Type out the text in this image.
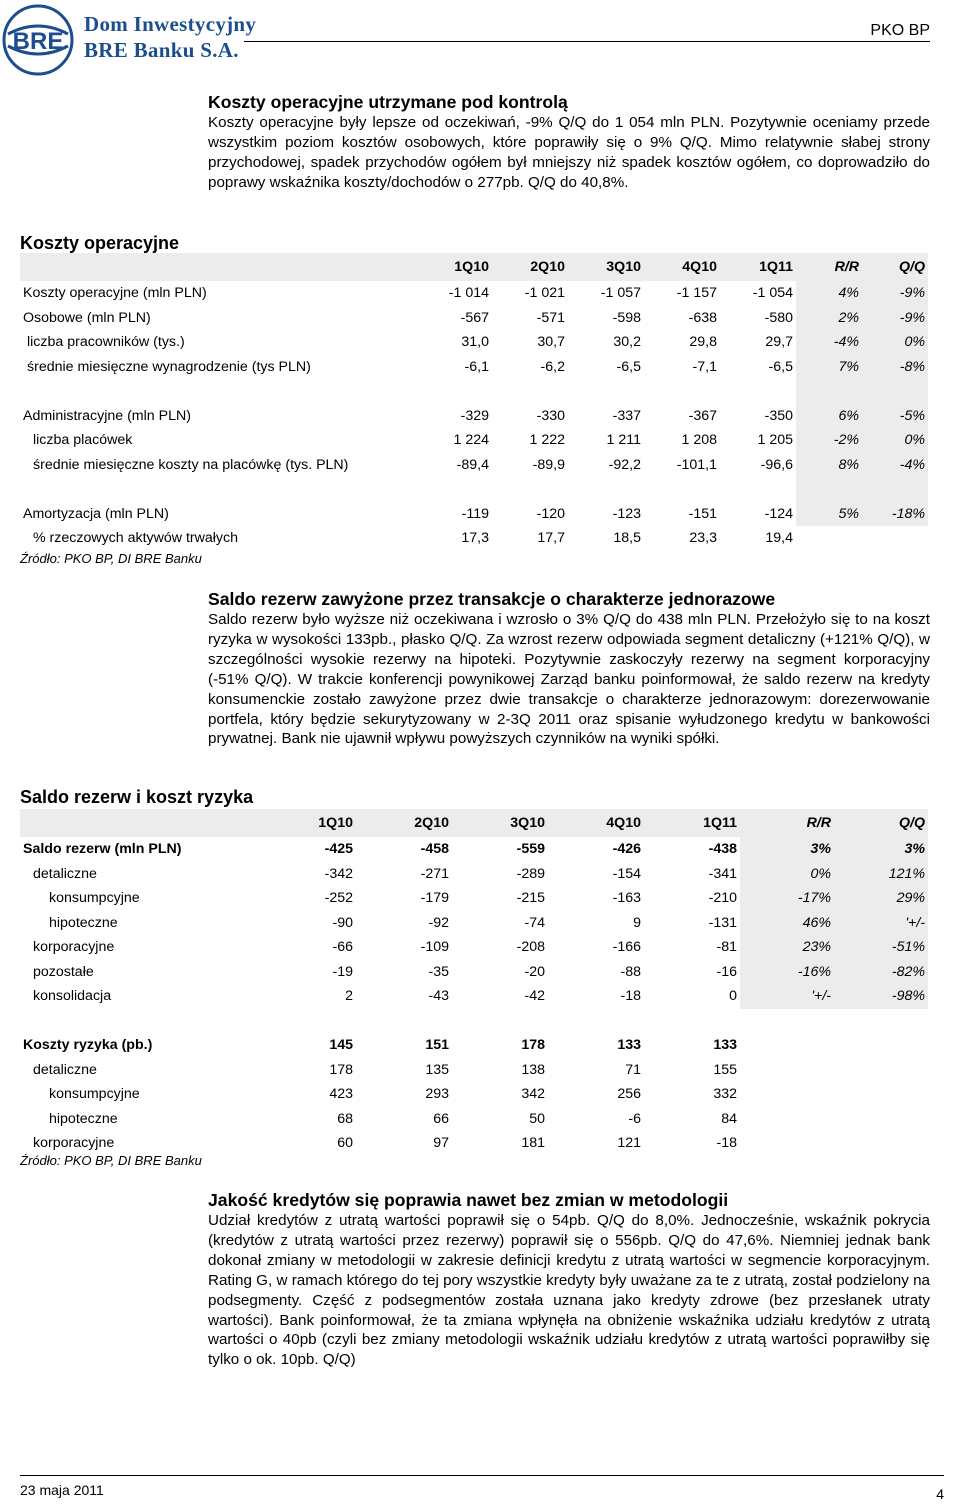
BRE
Dom Inwestycyjny
BRE Banku S.A.
PKO BP
Koszty operacyjne utrzymane pod kontrolą

Koszty operacyjne były lepsze od oczekiwań, -9% Q/Q do 1 054 mln PLN. Pozytywnie oceniamy przede wszystkim poziom kosztów osobowych, które poprawiły się o 9% Q/Q. Mimo relatywnie słabej strony przychodowej, spadek przychodów ogółem był mniejszy niż spadek kosztów ogółem, co doprowadziło do poprawy wskaźnika koszty/dochodów o 277pb. Q/Q do 40,8%.

Koszty operacyjne
	1Q10	2Q10	3Q10	4Q10	1Q11	R/R	Q/Q
Koszty operacyjne (mln PLN)	-1 014	-1 021	-1 057	-1 157	-1 054	4%	-9%
Osobowe (mln PLN)	-567	-571	-598	-638	-580	2%	-9%
liczba pracowników (tys.)	31,0	30,7	30,2	29,8	29,7	-4%	0%
średnie miesięczne wynagrodzenie (tys PLN)	-6,1	-6,2	-6,5	-7,1	-6,5	7%	-8%

Administracyjne (mln PLN)	-329	-330	-337	-367	-350	6%	-5%
liczba placówek	1 224	1 222	1 211	1 208	1 205	-2%	0%
średnie miesięczne koszty na placówkę (tys. PLN)	-89,4	-89,9	-92,2	-101,1	-96,6	8%	-4%

Amortyzacja (mln PLN)	-119	-120	-123	-151	-124	5%	-18%
% rzeczowych aktywów trwałych	17,3	17,7	18,5	23,3	19,4		
Źródło: PKO BP, DI BRE Banku
Saldo rezerw zawyżone przez transakcje o charakterze jednorazowe

Saldo rezerw było wyższe niż oczekiwana i wzrosło o 3% Q/Q do 438 mln PLN. Przełożyło się to na koszt ryzyka w wysokości 133pb., płasko Q/Q. Za wzrost rezerw odpowiada segment detaliczny (+121% Q/Q), w szczególności wysokie rezerwy na hipoteki. Pozytywnie zaskoczyły rezerwy na segment korporacyjny (-51% Q/Q). W trakcie konferencji powynikowej Zarząd banku poinformował, że saldo rezerw na kredyty konsumenckie zostało zawyżone przez dwie transakcje o charakterze jednorazowym: dorezerwowanie portfela, który będzie sekurytyzowany w 2-3Q 2011 oraz spisanie wyłudzonego kredytu w bankowości prywatnej. Bank nie ujawnił wpływu powyższych czynników na wyniki spółki.

Saldo rezerw i koszt ryzyka
	1Q10	2Q10	3Q10	4Q10	1Q11	R/R	Q/Q
Saldo rezerw (mln PLN)	-425	-458	-559	-426	-438	3%	3%
detaliczne	-342	-271	-289	-154	-341	0%	121%
konsumpcyjne	-252	-179	-215	-163	-210	-17%	29%
hipoteczne	-90	-92	-74	9	-131	46%	'+/-
korporacyjne	-66	-109	-208	-166	-81	23%	-51%
pozostałe	-19	-35	-20	-88	-16	-16%	-82%
konsolidacja	2	-43	-42	-18	0	'+/-	-98%

Koszty ryzyka (pb.)	145	151	178	133	133		
detaliczne	178	135	138	71	155		
konsumpcyjne	423	293	342	256	332		
hipoteczne	68	66	50	-6	84		
korporacyjne	60	97	181	121	-18		
Źródło: PKO BP, DI BRE Banku
Jakość kredytów się poprawia nawet bez zmian w metodologii

Udział kredytów z utratą wartości poprawił się o 54pb. Q/Q do 8,0%. Jednocześnie, wskaźnik pokrycia (kredytów z utratą wartości przez rezerwy) poprawił się o 556pb. Q/Q do 47,6%. Niemniej jednak bank dokonał zmiany w metodologii w zakresie definicji kredytu z utratą wartości w segmencie korporacyjnym. Rating G, w ramach którego do tej pory wszystkie kredyty były uważane za te z utratą, został podzielony na podsegmenty. Część z podsegmentów została uznana jako kredyty zdrowe (bez przesłanek utraty wartości). Bank poinformował, że ta zmiana wpłynęła na obniżenie wskaźnika udziału kredytów z utratą wartości o 40pb (czyli bez zmiany metodologii wskaźnik udziału kredytów z utratą wartości poprawiłby się tylko o ok. 10pb. Q/Q)

23 maja 2011	4
